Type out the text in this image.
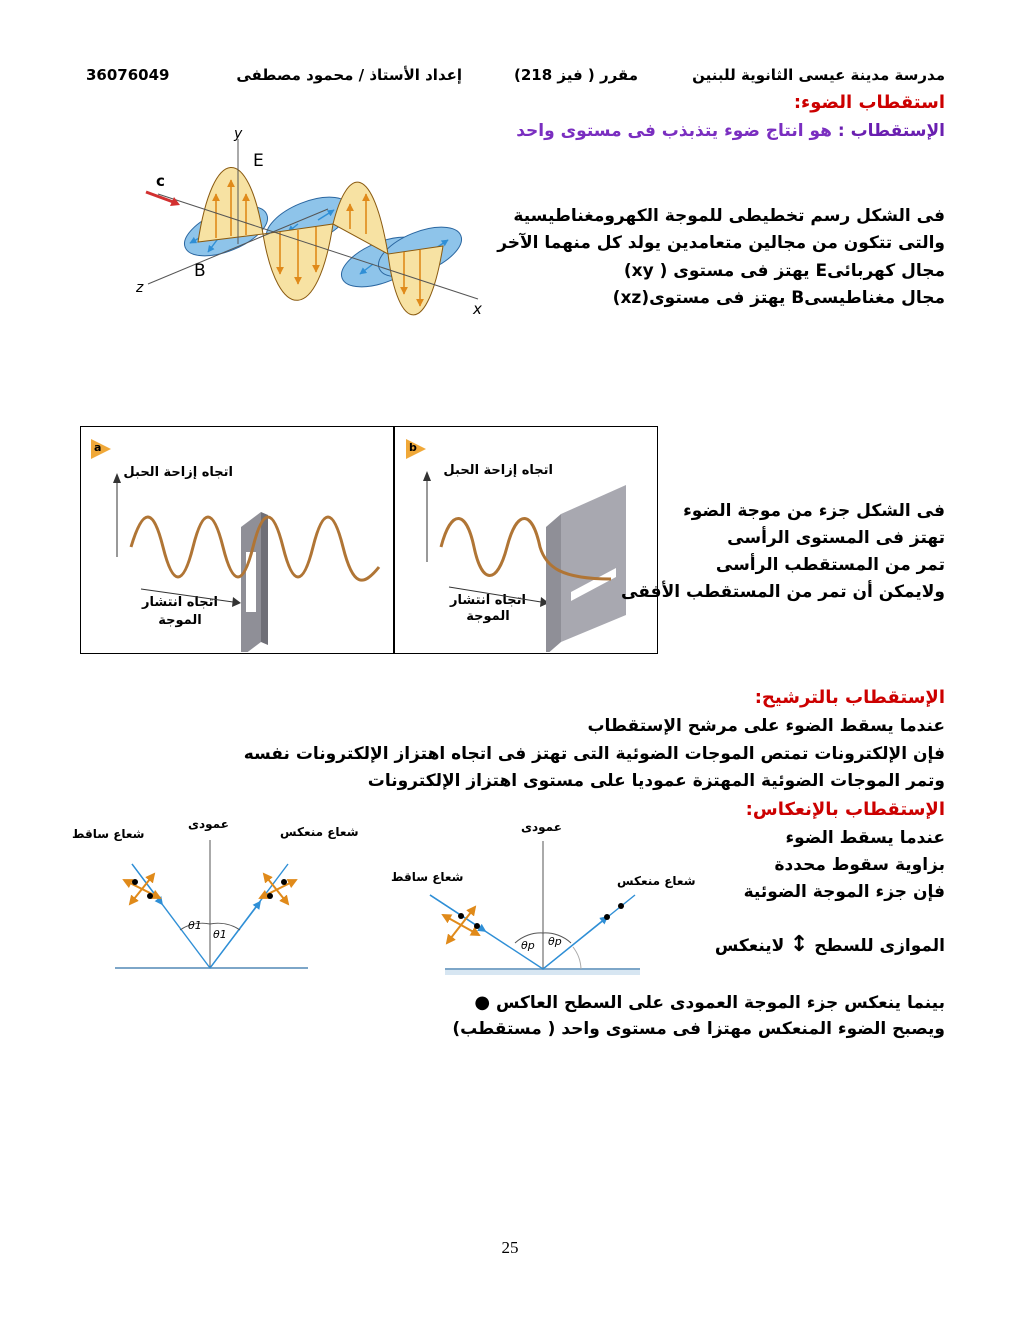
36076049	إعداد الأستاذ / محمود مصطفى	مقرر ( فيز 218)	مدرسة مدينة عيسى الثانوية للبنين
استقطاب الضوء:
الإستقطاب : هو انتاج ضوء يتذبذب فى مستوى واحد
فى الشكل رسم تخطيطى للموجة الكهرومغناطيسية
والتى تتكون من مجالين متعامدين يولد كل منهما الآخر
مجال كهربائىE يهتز فى مستوى ( xy)
مجال مغناطيسىB يهتز فى مستوى(xz)
c
E
B
x
y
z
a
اتجاه إزاحة الحبل
اتجاه انتشار
الموجة
b
اتجاه إزاحة الحبل
اتجاه انتشار
الموجة
فى الشكل جزء من موجة الضوء
تهتز فى المستوى الرأسى
تمر من المستقطب الرأسى
ولايمكن أن تمر من المستقطب الأفقى
الإستقطاب بالترشيح:
عندما يسقط الضوء على مرشح الإستقطاب
فإن الإلكترونات تمتص الموجات الضوئية التى تهتز فى اتجاه اهتزاز الإلكترونات نفسه
وتمر الموجات الضوئية المهتزة عموديا على مستوى اهتزاز الإلكترونات
الإستقطاب بالإنعكاس:
عندما يسقط الضوء
بزاوية سقوط محددة
فإن جزء الموجة الضوئية
الموازى للسطح ↕ لاينعكس
بينما ينعكس جزء الموجة العمودى على السطح العاكس ●
ويصبح الضوء المنعكس مهتزا فى مستوى واحد ( مستقطب)
θ1
θ1
عمودى
شعاع ساقط	شعاع منعكس
θp θp
عمودى
شعاع ساقط	شعاع منعكس
25
